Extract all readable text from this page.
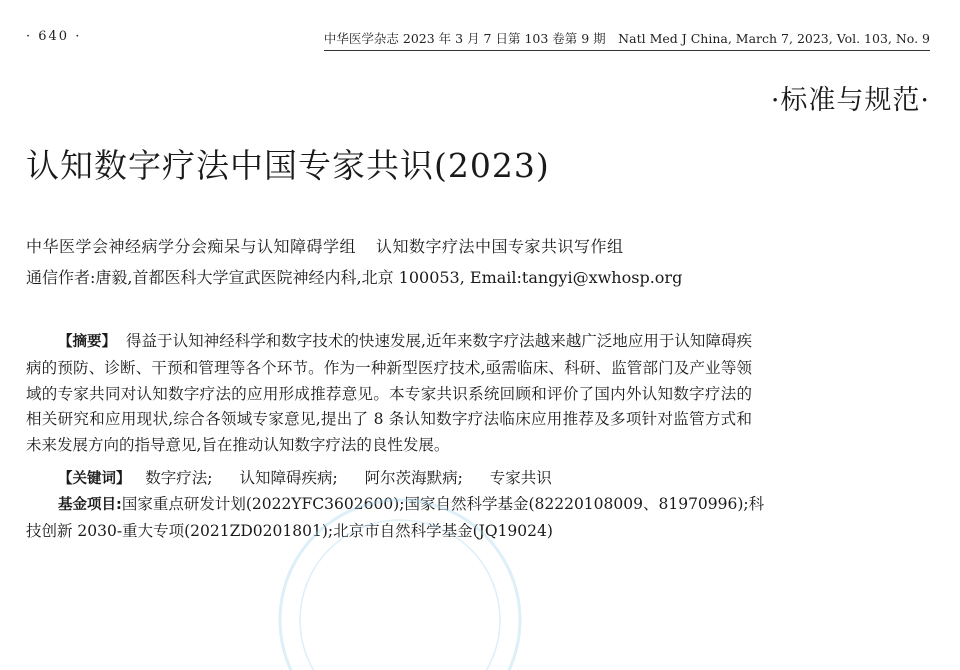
· 640 ·	中华医学杂志 2023 年 3 月 7 日第 103 卷第 9 期　Natl Med J China, March 7, 2023, Vol. 103, No. 9
·标准与规范·
认知数字疗法中国专家共识(2023)
中华医学会神经病学分会痴呆与认知障碍学组 认知数字疗法中国专家共识写作组
通信作者:唐毅,首都医科大学宣武医院神经内科,北京 100053, Email:tangyi@xwhosp.org

【摘要】 得益于认知神经科学和数字技术的快速发展,近年来数字疗法越来越广泛地应用于认知障碍疾病的预防、诊断、干预和管理等各个环节。作为一种新型医疗技术,亟需临床、科研、监管部门及产业等领域的专家共同对认知数字疗法的应用形成推荐意见。本专家共识系统回顾和评价了国内外认知数字疗法的相关研究和应用现状,综合各领域专家意见,提出了 8 条认知数字疗法临床应用推荐及多项针对监管方式和未来发展方向的指导意见,旨在推动认知数字疗法的良性发展。

【关键词】 数字疗法; 认知障碍疾病; 阿尔茨海默病; 专家共识

基金项目:国家重点研发计划(2022YFC3602600);国家自然科学基金(82220108009、81970996);科技创新 2030-重大专项(2021ZD0201801);北京市自然科学基金(JQ19024)
